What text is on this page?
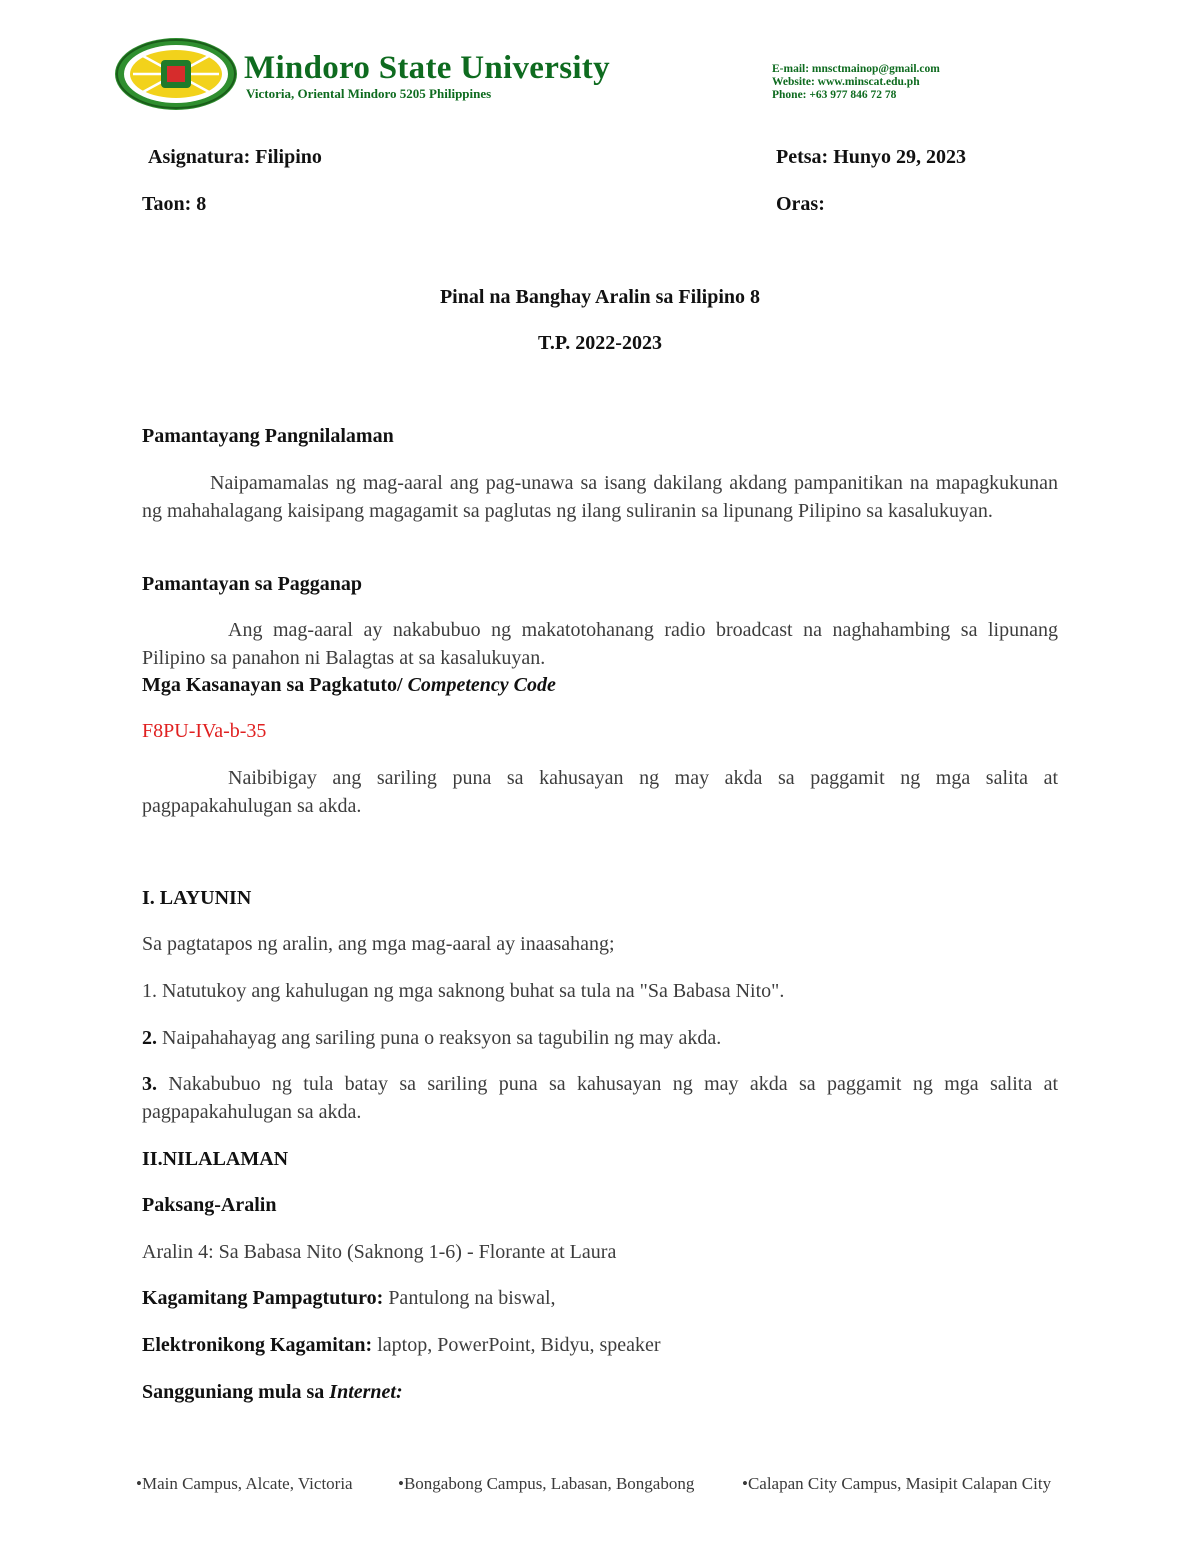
Mindoro State University
Victoria, Oriental Mindoro 5205 Philippines
E-mail: mnsctmainop@gmail.com
Website: www.minscat.edu.ph
Phone: +63 977 846 72 78
Asignatura: Filipino	Petsa: Hunyo 29, 2023
Taon: 8	Oras:
Pinal na Banghay Aralin sa Filipino 8
T.P. 2022-2023
Pamantayang Pangnilalaman
Naipamamalas ng mag-aaral ang pag-unawa sa isang dakilang akdang pampanitikan na mapagkukunan ng mahahalagang kaisipang magagamit sa paglutas ng ilang suliranin sa lipunang Pilipino sa kasalukuyan.
Pamantayan sa Pagganap
Ang mag-aaral ay nakabubuo ng makatotohanang radio broadcast na naghahambing sa lipunang Pilipino sa panahon ni Balagtas at sa kasalukuyan.
Mga Kasanayan sa Pagkatuto/ Competency Code
F8PU-IVa-b-35
Naibibigay ang sariling puna sa kahusayan ng may akda sa paggamit ng mga salita at pagpapakahulugan sa akda.
I. LAYUNIN
Sa pagtatapos ng aralin, ang mga mag-aaral ay inaasahang;
1. Natutukoy ang kahulugan ng mga saknong buhat sa tula na "Sa Babasa Nito".
2. Naipahahayag ang sariling puna o reaksyon sa tagubilin ng may akda.
3. Nakabubuo ng tula batay sa sariling puna sa kahusayan ng may akda sa paggamit ng mga salita at pagpapakahulugan sa akda.
II.NILALAMAN
Paksang-Aralin
Aralin 4: Sa Babasa Nito (Saknong 1-6) - Florante at Laura
Kagamitang Pampagtuturo: Pantulong na biswal,
Elektronikong Kagamitan: laptop, PowerPoint, Bidyu, speaker
Sangguniang mula sa Internet:
•Main Campus, Alcate, Victoria	•Bongabong Campus, Labasan, Bongabong	•Calapan City Campus, Masipit Calapan City
